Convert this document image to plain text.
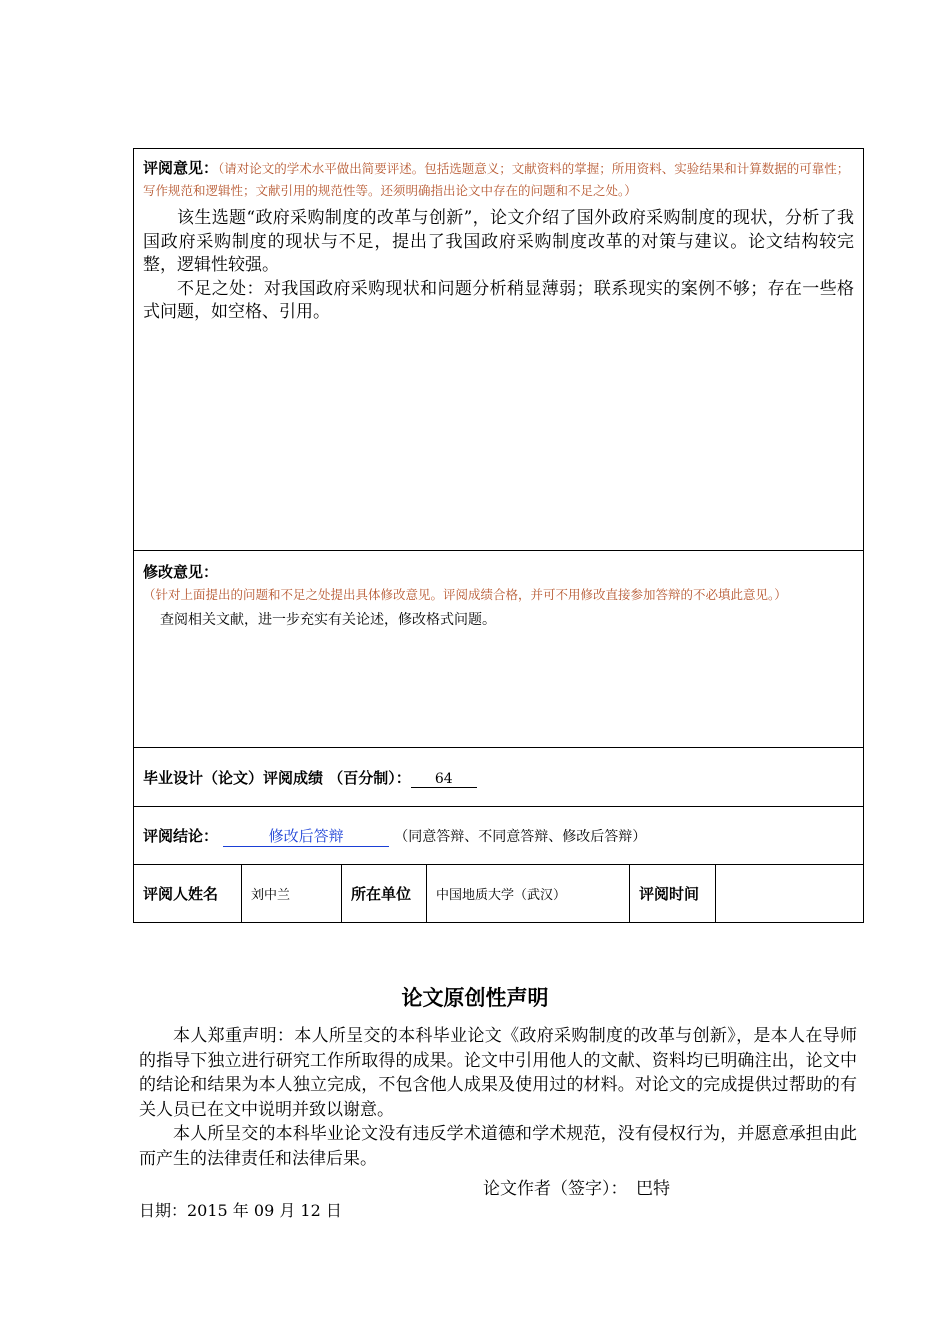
评阅意见：（请对论文的学术水平做出简要评述。包括选题意义；文献资料的掌握；所用资料、实验结果和计算数据的可靠性；写作规范和逻辑性；文献引用的规范性等。还须明确指出论文中存在的问题和不足之处。）

该生选题“政府采购制度的改革与创新”，论文介绍了国外政府采购制度的现状，分析了我国政府采购制度的现状与不足，提出了我国政府采购制度改革的对策与建议。论文结构较完整，逻辑性较强。

不足之处：对我国政府采购现状和问题分析稍显薄弱；联系现实的案例不够；存在一些格式问题，如空格、引用。

修改意见：（针对上面提出的问题和不足之处提出具体修改意见。评阅成绩合格，并可不用修改直接参加答辩的不必填此意见。）

查阅相关文献，进一步充实有关论述，修改格式问题。

毕业设计（论文）评阅成绩 （百分制）： 64

评阅结论：	修改后答辩	（同意答辩、不同意答辩、修改后答辩）

评阅人姓名	刘中兰	所在单位	中国地质大学（武汉）	评阅时间

论文原创性声明

本人郑重声明：本人所呈交的本科毕业论文《政府采购制度的改革与创新》，是本人在导师的指导下独立进行研究工作所取得的成果。论文中引用他人的文献、资料均已明确注出，论文中的结论和结果为本人独立完成，不包含他人成果及使用过的材料。对论文的完成提供过帮助的有关人员已在文中说明并致以谢意。

本人所呈交的本科毕业论文没有违反学术道德和学术规范，没有侵权行为，并愿意承担由此而产生的法律责任和法律后果。

论文作者（签字）：　巴特
日期：2015 年 09 月 12 日
